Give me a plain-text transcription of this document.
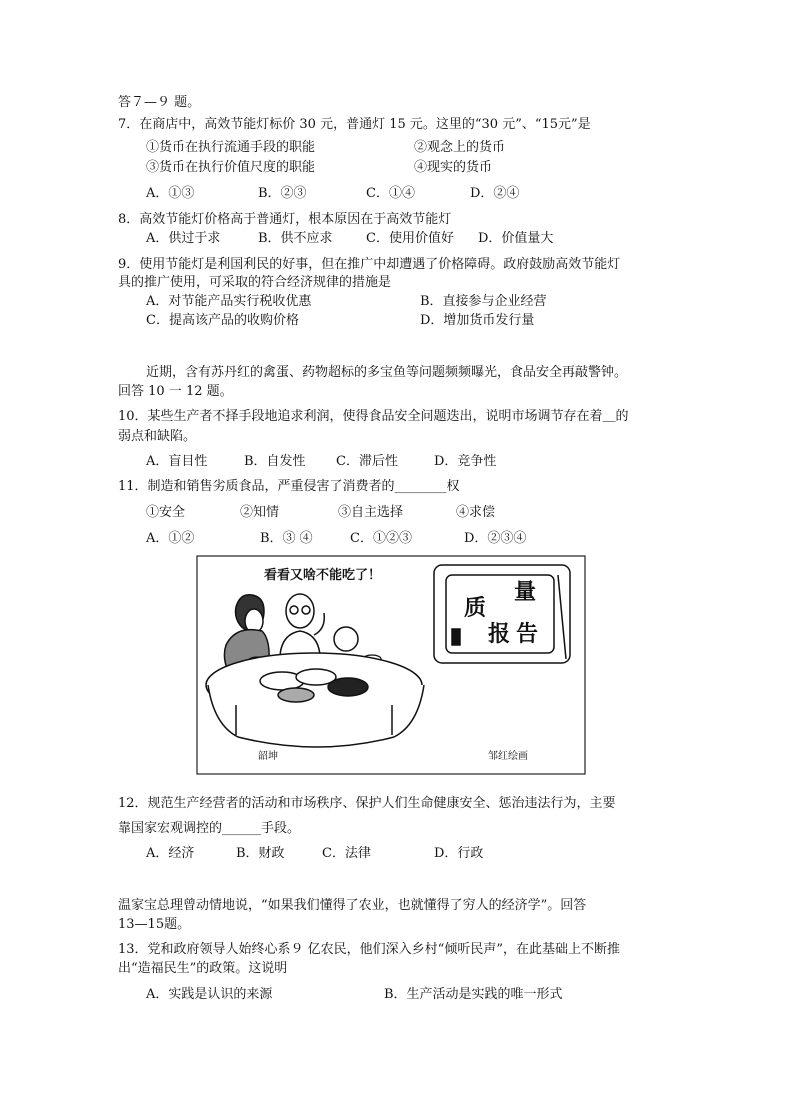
答７—９ 题。
7．在商店中，高效节能灯标价 30 元，普通灯 15 元。这里的“30 元”、“15元”是
①货币在执行流通手段的职能	②观念上的货币
③货币在执行价值尺度的职能	④现实的货币
A．①③	B．②③	C．①④	D．②④
8．高效节能灯价格高于普通灯，根本原因在于高效节能灯
A．供过于求	B．供不应求	C．使用价值好 D．价值量大
9．使用节能灯是利国利民的好事，但在推广中却遭遇了价格障碍。政府鼓励高效节能灯
具的推广使用，可采取的符合经济规律的措施是
A．对节能产品实行税收优惠	B．直接参与企业经营
C．提高该产品的收购价格	D．增加货币发行量
近期，含有苏丹红的禽蛋、药物超标的多宝鱼等问题频频曝光，食品安全再敲警钟。
回答 10 一 12 题。
10．某些生产者不择手段地追求利润，使得食品安全问题迭出，说明市场调节存在着＿的
弱点和缺陷。
A．盲目性	B．自发性 C．滞后性	D．竞争性
11．制造和销售劣质食品，严重侵害了消费者的________权
①安全	②知情	③自主选择	④求偿
A．①②	B．③ ④	C．①②③	D．②③④
看看又啥不能吃了！
量
质
报 告
韶坤	邹红绘画
12．规范生产经营者的活动和市场秩序、保护人们生命健康安全、惩治违法行为，主要
靠国家宏观调控的______手段。
A．经济	B．财政	C．法律	D．行政
温家宝总理曾动情地说，“如果我们懂得了农业，也就懂得了穷人的经济学”。回答
13—15题。
13．党和政府领导人始终心系９ 亿农民，他们深入乡村“倾听民声”，在此基础上不断推
出“造福民生”的政策。这说明
A．实践是认识的来源	B．生产活动是实践的唯一形式
